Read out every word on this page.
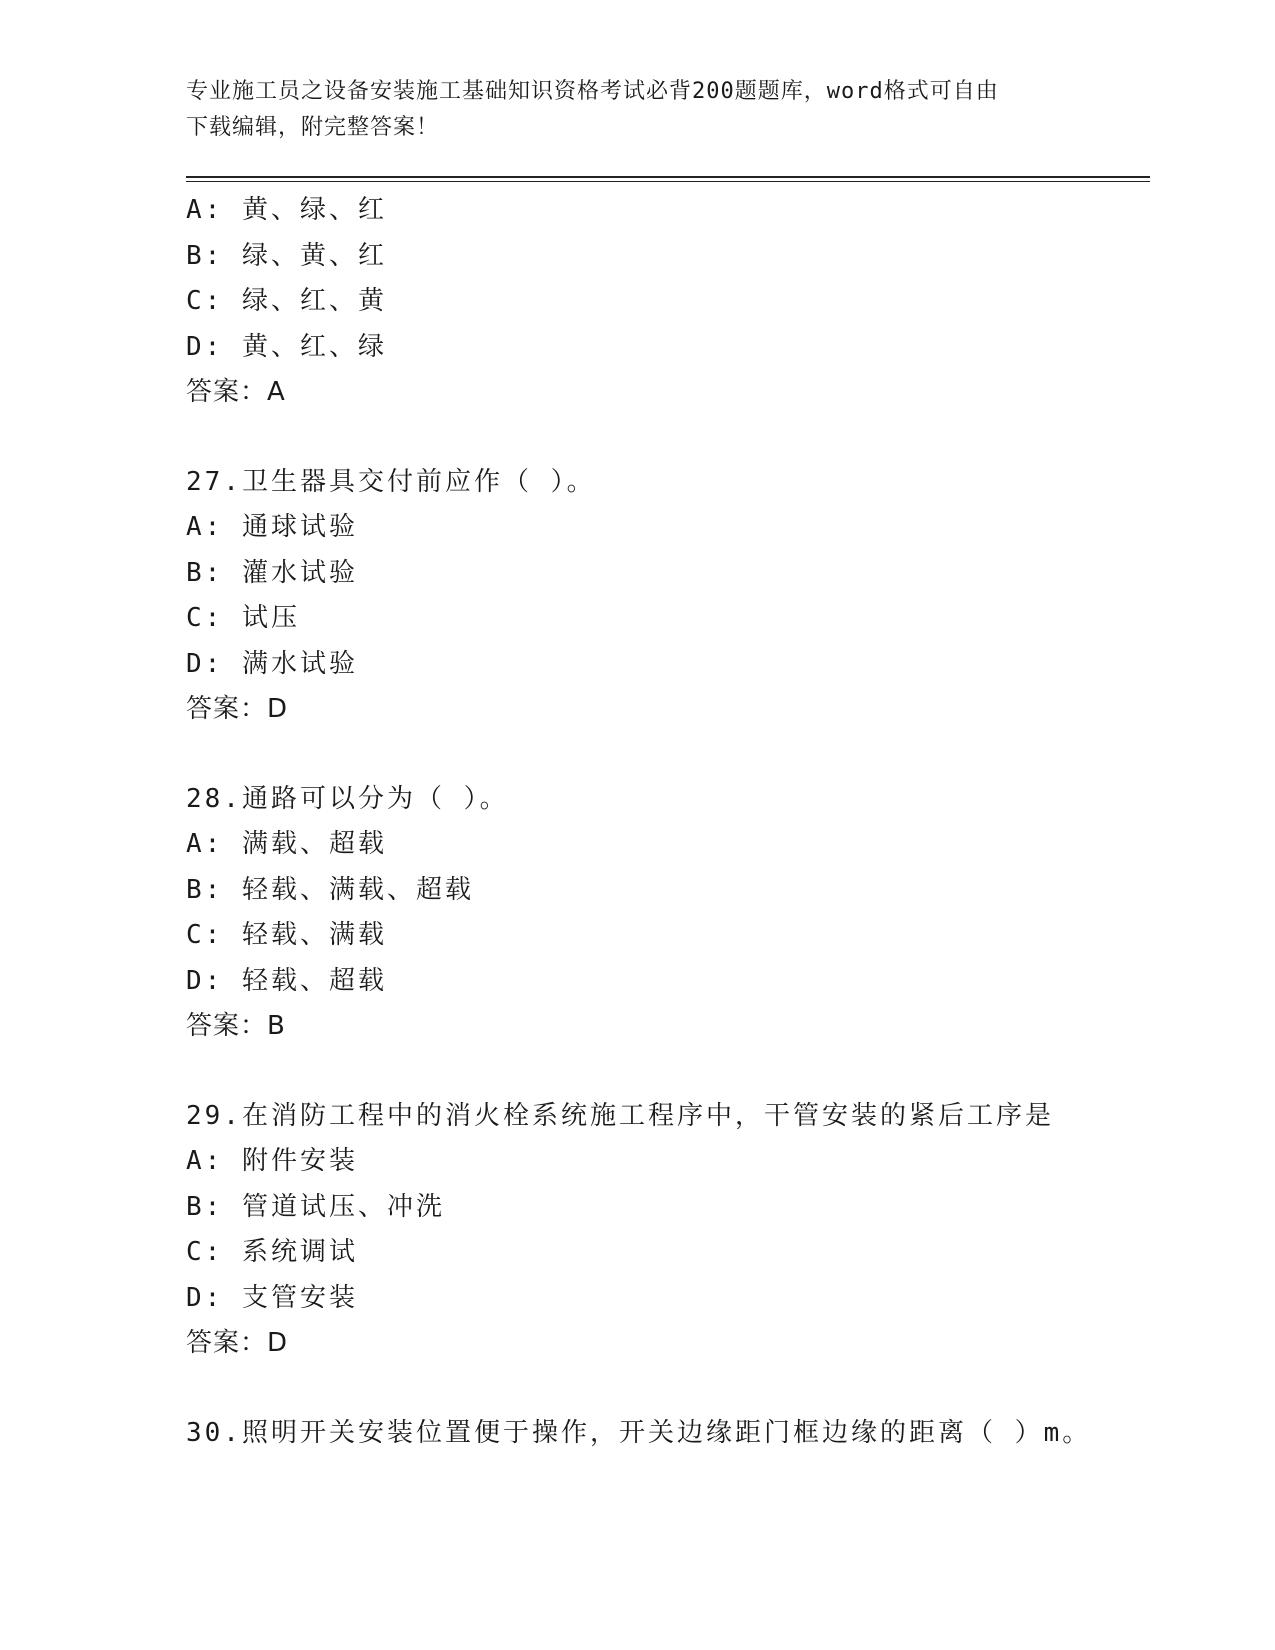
专业施工员之设备安装施工基础知识资格考试必背200题题库，word格式可自由
下载编辑，附完整答案！
A: 黄、绿、红
B: 绿、黄、红
C: 绿、红、黄
D: 黄、红、绿
答案：A
27.卫生器具交付前应作（ ）。
A: 通球试验
B: 灌水试验
C: 试压
D: 满水试验
答案：D
28.通路可以分为（ ）。
A: 满载、超载
B: 轻载、满载、超载
C: 轻载、满载
D: 轻载、超载
答案：B
29.在消防工程中的消火栓系统施工程序中，干管安装的紧后工序是
A: 附件安装
B: 管道试压、冲洗
C: 系统调试
D: 支管安装
答案：D
30.照明开关安装位置便于操作，开关边缘距门框边缘的距离（ ）m。
